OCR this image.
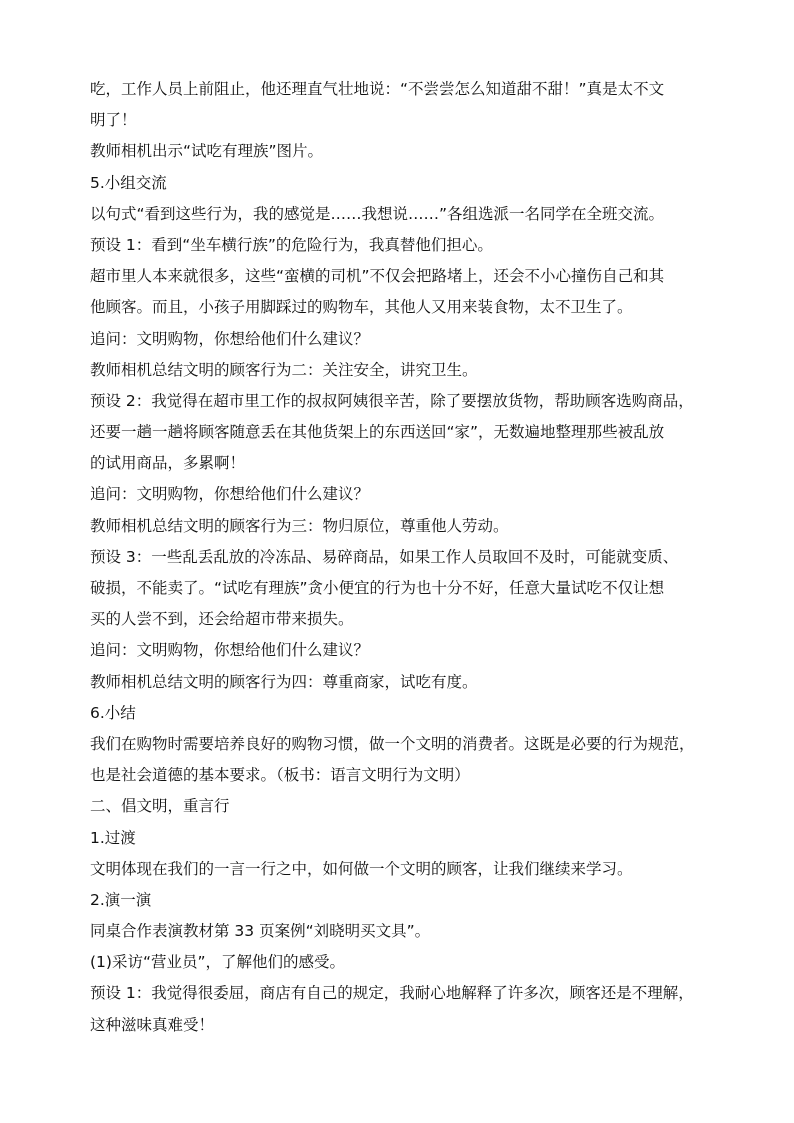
吃，工作人员上前阻止，他还理直气壮地说：“不尝尝怎么知道甜不甜！”真是太不文
明了！
教师相机出示“试吃有理族”图片。
5.小组交流
以句式“看到这些行为，我的感觉是……我想说……”各组选派一名同学在全班交流。
预设 1：看到“坐车横行族”的危险行为，我真替他们担心。
超市里人本来就很多，这些“蛮横的司机”不仅会把路堵上，还会不小心撞伤自己和其
他顾客。而且，小孩子用脚踩过的购物车，其他人又用来装食物，太不卫生了。
追问：文明购物，你想给他们什么建议？
教师相机总结文明的顾客行为二：关注安全，讲究卫生。
预设 2：我觉得在超市里工作的叔叔阿姨很辛苦，除了要摆放货物，帮助顾客选购商品，
还要一趟一趟将顾客随意丢在其他货架上的东西送回“家”，无数遍地整理那些被乱放
的试用商品，多累啊！
追问：文明购物，你想给他们什么建议？
教师相机总结文明的顾客行为三：物归原位，尊重他人劳动。
预设 3：一些乱丢乱放的冷冻品、易碎商品，如果工作人员取回不及时，可能就变质、
破损，不能卖了。“试吃有理族”贪小便宜的行为也十分不好，任意大量试吃不仅让想
买的人尝不到，还会给超市带来损失。
追问：文明购物，你想给他们什么建议？
教师相机总结文明的顾客行为四：尊重商家，试吃有度。
6.小结
我们在购物时需要培养良好的购物习惯，做一个文明的消费者。这既是必要的行为规范，
也是社会道德的基本要求。（板书：语言文明行为文明）
二、倡文明，重言行
1.过渡
文明体现在我们的一言一行之中，如何做一个文明的顾客，让我们继续来学习。
2.演一演
同桌合作表演教材第 33 页案例“刘晓明买文具”。
(1)采访“营业员”，了解他们的感受。
预设 1：我觉得很委屈，商店有自己的规定，我耐心地解释了许多次，顾客还是不理解，
这种滋味真难受！
